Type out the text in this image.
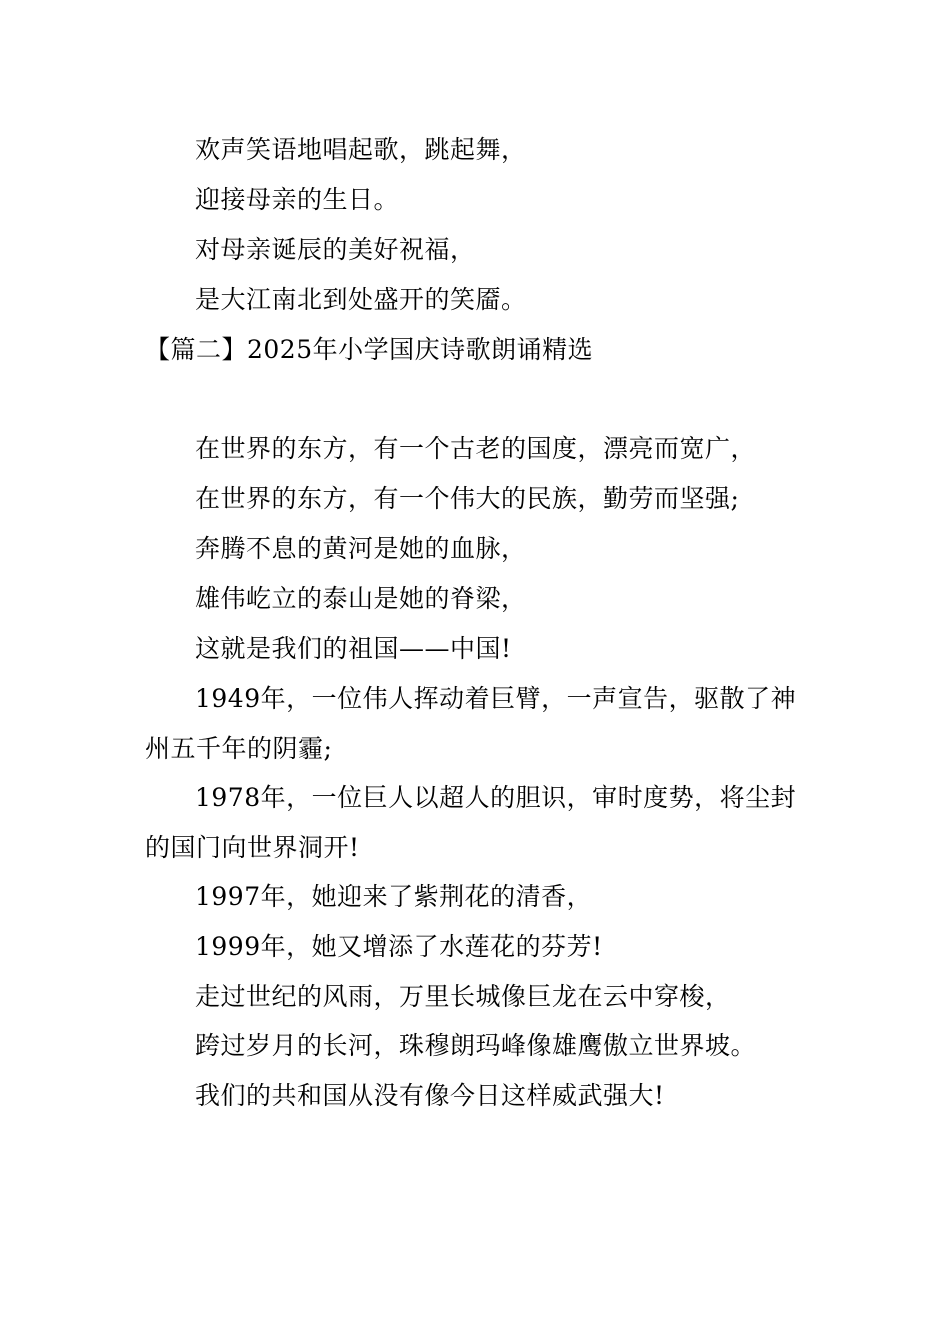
欢声笑语地唱起歌，跳起舞，
迎接母亲的生日。
对母亲诞辰的美好祝福，
是大江南北到处盛开的笑靥。
【篇二】2025年小学国庆诗歌朗诵精选
在世界的东方，有一个古老的国度，漂亮而宽广，
在世界的东方，有一个伟大的民族，勤劳而坚强;
奔腾不息的黄河是她的血脉，
雄伟屹立的泰山是她的脊梁，
这就是我们的祖国——中国!
1949年，一位伟人挥动着巨臂，一声宣告，驱散了神
州五千年的阴霾;
1978年，一位巨人以超人的胆识，审时度势，将尘封
的国门向世界洞开!
1997年，她迎来了紫荆花的清香，
1999年，她又增添了水莲花的芬芳!
走过世纪的风雨，万里长城像巨龙在云中穿梭，
跨过岁月的长河，珠穆朗玛峰像雄鹰傲立世界坡。
我们的共和国从没有像今日这样威武强大!
